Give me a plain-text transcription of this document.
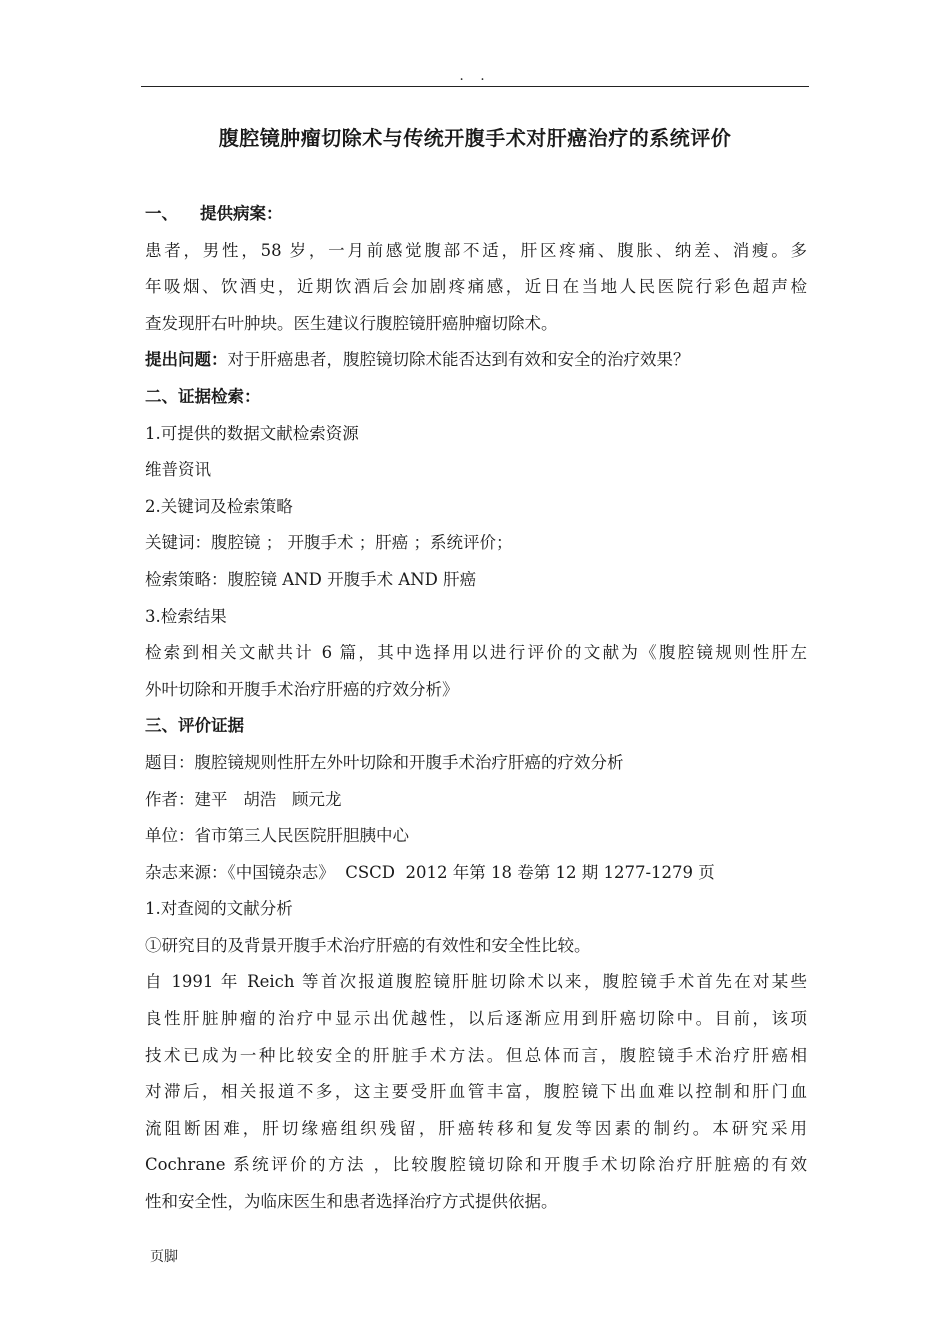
. .
腹腔镜肿瘤切除术与传统开腹手术对肝癌治疗的系统评价
一、 提供病案：
患者，男性，58 岁，一月前感觉腹部不适，肝区疼痛、腹胀、纳差、消瘦。多
年吸烟、饮酒史，近期饮酒后会加剧疼痛感，近日在当地人民医院行彩色超声检
查发现肝右叶肿块。医生建议行腹腔镜肝癌肿瘤切除术。
提出问题：对于肝癌患者，腹腔镜切除术能否达到有效和安全的治疗效果？
二、证据检索：
1.可提供的数据文献检索资源
维普资讯
2.关键词及检索策略
关键词：腹腔镜 ； 开腹手术 ；肝癌 ；系统评价；
检索策略：腹腔镜 AND 开腹手术 AND 肝癌
3.检索结果
检索到相关文献共计 6 篇，其中选择用以进行评价的文献为《腹腔镜规则性肝左
外叶切除和开腹手术治疗肝癌的疗效分析》
三、评价证据
题目：腹腔镜规则性肝左外叶切除和开腹手术治疗肝癌的疗效分析
作者：建平   胡浩   顾元龙
单位：省市第三人民医院肝胆胰中心
杂志来源：《中国镜杂志》  CSCD  2012 年第 18 卷第 12 期 1277-1279 页
1.对查阅的文献分析
①研究目的及背景开腹手术治疗肝癌的有效性和安全性比较。
自 1991 年 Reich 等首次报道腹腔镜肝脏切除术以来，腹腔镜手术首先在对某些
良性肝脏肿瘤的治疗中显示出优越性，以后逐渐应用到肝癌切除中。目前，该项
技术已成为一种比较安全的肝脏手术方法。但总体而言，腹腔镜手术治疗肝癌相
对滞后，相关报道不多，这主要受肝血管丰富，腹腔镜下出血难以控制和肝门血
流阻断困难，肝切缘癌组织残留，肝癌转移和复发等因素的制约。本研究采用
Cochrane 系统评价的方法 ，比较腹腔镜切除和开腹手术切除治疗肝脏癌的有效
性和安全性，为临床医生和患者选择治疗方式提供依据。
页脚
